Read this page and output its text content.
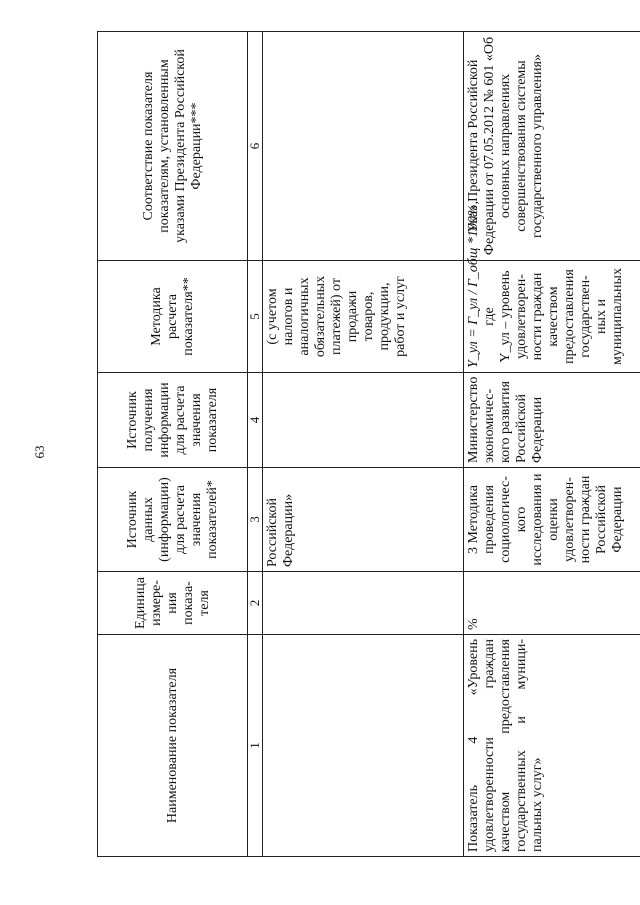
63
Наименование показателя	Единица измере-ния показа-теля	Источник данных (информации) для расчета значения показателей*	Источник получения информации для расчета значения показателя	Методика расчета показателя**	Соответствие показателя показателям, установленным указами Президента Российской Федерации***
1	2	3	4	5	6
		Российской Федерации»		(с учетом налогов и аналогичных обязательных платежей) от продажи товаров, продукции, работ и услуг	
Показатель 4 «Уровень удовлетворенности граждан качеством предоставления государственных и муници-пальных услуг»	%	3 Методика проведения социологичес-кого исследования и оценки удовлетворен-ности граждан Российской Федерации	Министерство экономичес-кого развития Российской Федерации	Y_ул = Г_ул / Г_общ *100%, где Y_ул – уровень удовлетворен-ности граждан качеством предоставления государствен-ных и муниципальных	Указ Президента Российской Федерации от 07.05.2012 № 601 «Об основных направлениях совершенствования системы государственного управления»
